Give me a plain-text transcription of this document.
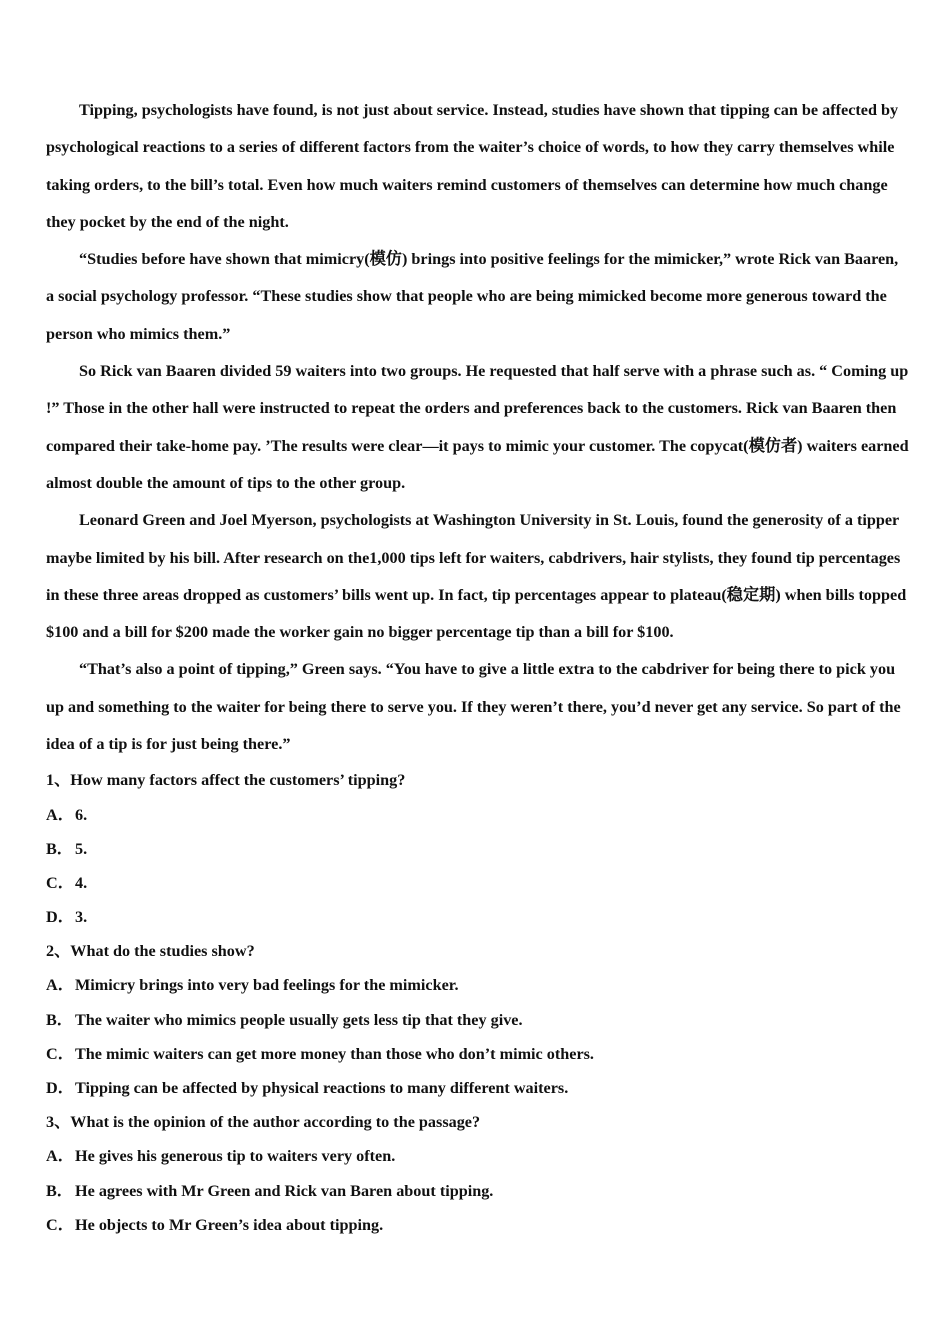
Tipping, psychologists have found, is not just about service. Instead, studies have shown that tipping can be affected by psychological reactions to a series of different factors from the waiter’s choice of words, to how they carry themselves while taking orders, to the bill’s total. Even how much waiters remind customers of themselves can determine how much change they pocket by the end of the night.

“Studies before have shown that mimicry(模仿) brings into positive feelings for the mimicker,” wrote Rick van Baaren, a social psychology professor. “These studies show that people who are being mimicked become more generous toward the person who mimics them.”

So Rick van Baaren divided 59 waiters into two groups. He requested that half serve with a phrase such as. “ Coming up !” Those in the other hall were instructed to repeat the orders and preferences back to the customers. Rick van Baaren then compared their take-home pay. ’The results were clear—it pays to mimic your customer. The copycat(模仿者) waiters earned almost double the amount of tips to the other group.

Leonard Green and Joel Myerson, psychologists at Washington University in St. Louis, found the generosity of a tipper maybe limited by his bill. After research on the1,000 tips left for waiters, cabdrivers, hair stylists, they found tip percentages in these three areas dropped as customers’ bills went up. In fact, tip percentages appear to plateau(稳定期) when bills topped $100 and a bill for $200 made the worker gain no bigger percentage tip than a bill for $100.

“That’s also a point of tipping,” Green says. “You have to give a little extra to the cabdriver for being there to pick you up and something to the waiter for being there to serve you. If they weren’t there, you’d never get any service. So part of the idea of a tip is for just being there.”

1、How many factors affect the customers’ tipping?

A．6.

B． 5.

C．4.

D．3.

2、What do the studies show?

A．Mimicry brings into very bad feelings for the mimicker.

B． The waiter who mimics people usually gets less tip that they give.

C．The mimic waiters can get more money than those who don’t mimic others.

D．Tipping can be affected by physical reactions to many different waiters.

3、What is the opinion of the author according to the passage?

A．He gives his generous tip to waiters very often.

B． He agrees with Mr Green and Rick van Baren about tipping.

C．He objects to Mr Green’s idea about tipping.
